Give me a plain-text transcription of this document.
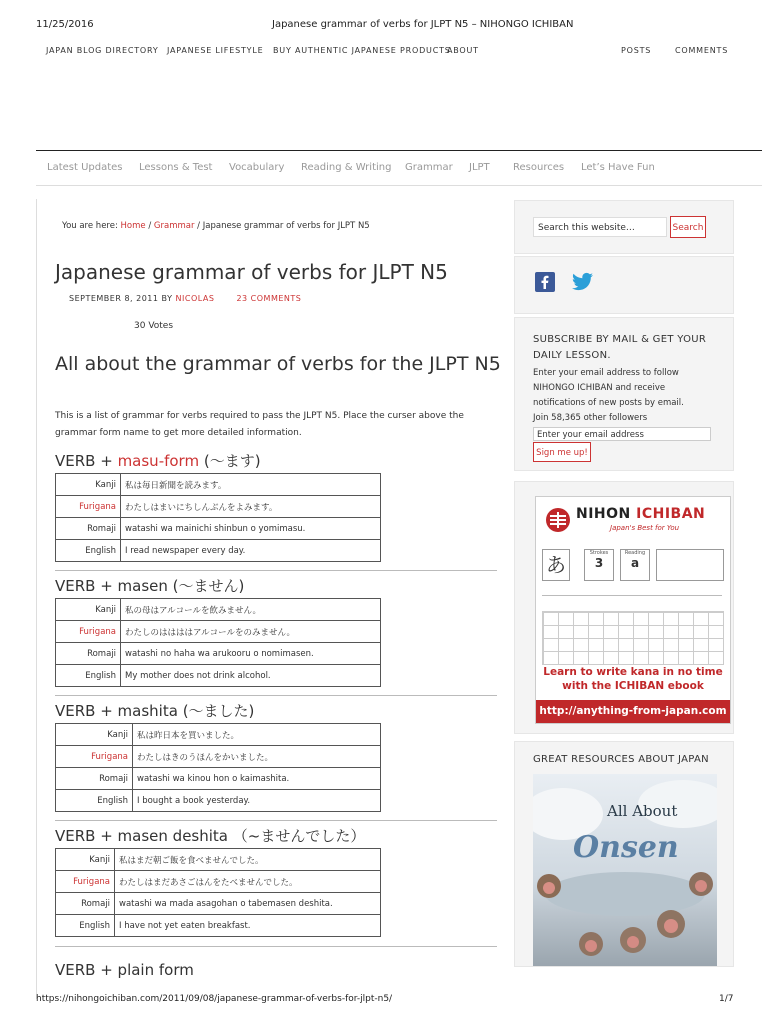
11/25/2016	Japanese grammar of verbs for JLPT N5 – NIHONGO ICHIBAN
JAPAN BLOG DIRECTORY JAPANESE LIFESTYLE BUY AUTHENTIC JAPANESE PRODUCTS
ABOUT	POSTS	COMMENTS
Latest Updates Lessons & Test Vocabulary Reading & Writing Grammar JLPT Resources Let’s Have Fun
You are here: Home / Grammar / Japanese grammar of verbs for JLPT N5
Japanese grammar of verbs for JLPT N5
SEPTEMBER 8, 2011 BY NICOLAS	23 COMMENTS
30 Votes
All about the grammar of verbs for the JLPT N5
This is a list of grammar for verbs required to pass the JLPT N5. Place the curser above the grammar form name to get more detailed information.
VERB + masu-form (〜ます)
Kanji	私は毎日新聞を読みます。
Furigana	わたしはまいにちしんぶんをよみます。
Romaji	watashi wa mainichi shinbun o yomimasu.
English	I read newspaper every day.
VERB + masen (〜ません)
Kanji	私の母はアルコールを飲みません。
Furigana	わたしのははははアルコールをのみません。
Romaji	watashi no haha wa arukooru o nomimasen.
English	My mother does not drink alcohol.
VERB + mashita (〜ました)
Kanji	私は昨日本を買いました。
Furigana	わたしはきのうほんをかいました。
Romaji	watashi wa kinou hon o kaimashita.
English	I bought a book yesterday.
VERB + masen deshita （~ませんでした）
Kanji	私はまだ朝ご飯を食べませんでした。
Furigana	わたしはまだあさごはんをたべませんでした。
Romaji	watashi wa mada asagohan o tabemasen deshita.
English	I have not yet eaten breakfast.
VERB + plain form
Search this website…	Search
SUBSCRIBE BY MAIL & GET YOUR DAILY LESSON.
Enter your email address to follow NIHONGO ICHIBAN and receive notifications of new posts by email.
Join 58,365 other followers
Enter your email address
Sign me up!
NIHON ICHIBAN
Japan's Best for You
あ	Strokes
3
Reading
a
Learn to write kana in no time with the ICHIBAN ebook
http://anything-from-japan.com
GREAT RESOURCES ABOUT JAPAN
All About
Onsen
https://nihongoichiban.com/2011/09/08/japanese-grammar-of-verbs-for-jlpt-n5/	1/7
